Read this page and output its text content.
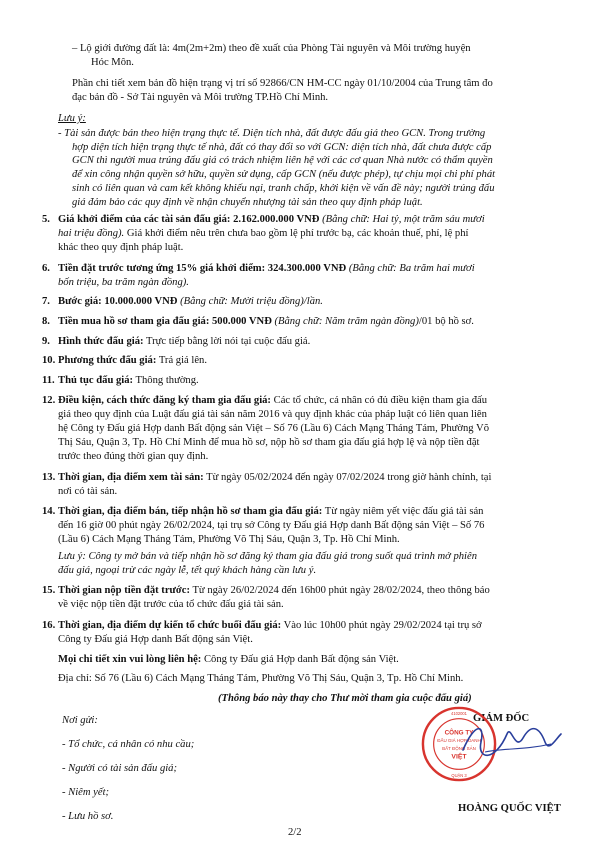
– Lộ giới đường đất là: 4m(2m+2m) theo đề xuất của Phòng Tài nguyên và Môi trường huyện
Hóc Môn.
Phần chi tiết xem bản đồ hiện trạng vị trí số 92866/CN HM-CC ngày 01/10/2004 của Trung tâm đo
đạc bản đồ - Sở Tài nguyên và Môi trường TP.Hồ Chí Minh.
Lưu ý:
- Tài sản được bán theo hiện trạng thực tế. Diện tích nhà, đất được đấu giá theo GCN. Trong trường
hợp diện tích hiện trạng thực tế nhà, đất có thay đổi so với GCN: diện tích nhà, đất chưa được cấp
GCN thì người mua trúng đấu giá có trách nhiệm liên hệ với các cơ quan Nhà nước có thẩm quyền
để xin công nhận quyền sở hữu, quyền sử dụng, cấp GCN (nếu được phép), tự chịu mọi chi phí phát
sinh có liên quan và cam kết không khiếu nại, tranh chấp, khởi kiện về vấn đề này; người trúng đấu
giá đảm bảo các quy định về nhận chuyển nhượng tài sản theo quy định pháp luật.
5. Giá khởi điểm của các tài sản đấu giá: 2.162.000.000 VNĐ (Bằng chữ: Hai tỷ, một trăm sáu mươi
hai triệu đồng). Giá khởi điểm nêu trên chưa bao gồm lệ phí trước bạ, các khoản thuế, phí, lệ phí
khác theo quy định pháp luật.
6. Tiền đặt trước tương ứng 15% giá khởi điểm: 324.300.000 VNĐ (Bằng chữ: Ba trăm hai mươi
bốn triệu, ba trăm ngàn đồng).
7. Bước giá: 10.000.000 VNĐ (Bằng chữ: Mười triệu đồng)/lần.
8. Tiền mua hồ sơ tham gia đấu giá: 500.000 VNĐ (Bằng chữ: Năm trăm ngàn đồng)/01 bộ hồ sơ.
9. Hình thức đấu giá: Trực tiếp bằng lời nói tại cuộc đấu giá.
10. Phương thức đấu giá: Trả giá lên.
11. Thủ tục đấu giá: Thông thường.
12. Điều kiện, cách thức đăng ký tham gia đấu giá: Các tổ chức, cá nhân có đủ điều kiện tham gia đấu
giá theo quy định của Luật đấu giá tài sản năm 2016 và quy định khác của pháp luật có liên quan liên
hệ Công ty Đấu giá Hợp danh Bất động sản Việt – Số 76 (Lầu 6) Cách Mạng Tháng Tám, Phường Võ
Thị Sáu, Quận 3, Tp. Hồ Chí Minh để mua hồ sơ, nộp hồ sơ tham gia đấu giá hợp lệ và nộp tiền đặt
trước theo đúng thời gian quy định.
13. Thời gian, địa điểm xem tài sản: Từ ngày 05/02/2024 đến ngày 07/02/2024 trong giờ hành chính, tại
nơi có tài sản.
14. Thời gian, địa điểm bán, tiếp nhận hồ sơ tham gia đấu giá: Từ ngày niêm yết việc đấu giá tài sản
đến 16 giờ 00 phút ngày 26/02/2024, tại trụ sở Công ty Đấu giá Hợp danh Bất động sản Việt – Số 76
(Lầu 6) Cách Mạng Tháng Tám, Phường Võ Thị Sáu, Quận 3, Tp. Hồ Chí Minh.
Lưu ý: Công ty mở bán và tiếp nhận hồ sơ đăng ký tham gia đấu giá trong suốt quá trình mở phiên
đấu giá, ngoại trừ các ngày lễ, tết quý khách hàng cần lưu ý.
15. Thời gian nộp tiền đặt trước: Từ ngày 26/02/2024 đến 16h00 phút ngày 28/02/2024, theo thông báo
về việc nộp tiền đặt trước của tổ chức đấu giá tài sản.
16. Thời gian, địa điểm dự kiến tổ chức buổi đấu giá: Vào lúc 10h00 phút ngày 29/02/2024 tại trụ sở
Công ty Đấu giá Hợp danh Bất động sản Việt.
Mọi chi tiết xin vui lòng liên hệ: Công ty Đấu giá Hợp danh Bất động sản Việt.
Địa chỉ: Số 76 (Lầu 6) Cách Mạng Tháng Tám, Phường Võ Thị Sáu, Quận 3, Tp. Hồ Chí Minh.
(Thông báo này thay cho Thư mời tham gia cuộc đấu giá)
Nơi gửi:
- Tổ chức, cá nhân có nhu cầu;
- Người có tài sản đấu giá;
- Niêm yết;
- Lưu hồ sơ.
GIÁM ĐỐC
CÔNG TY
ĐẤU GIÁ HỢP DANH
BẤT ĐỘNG SẢN
VIỆT
4102001
QUẬN 3
HOÀNG QUỐC VIỆT
2/2
